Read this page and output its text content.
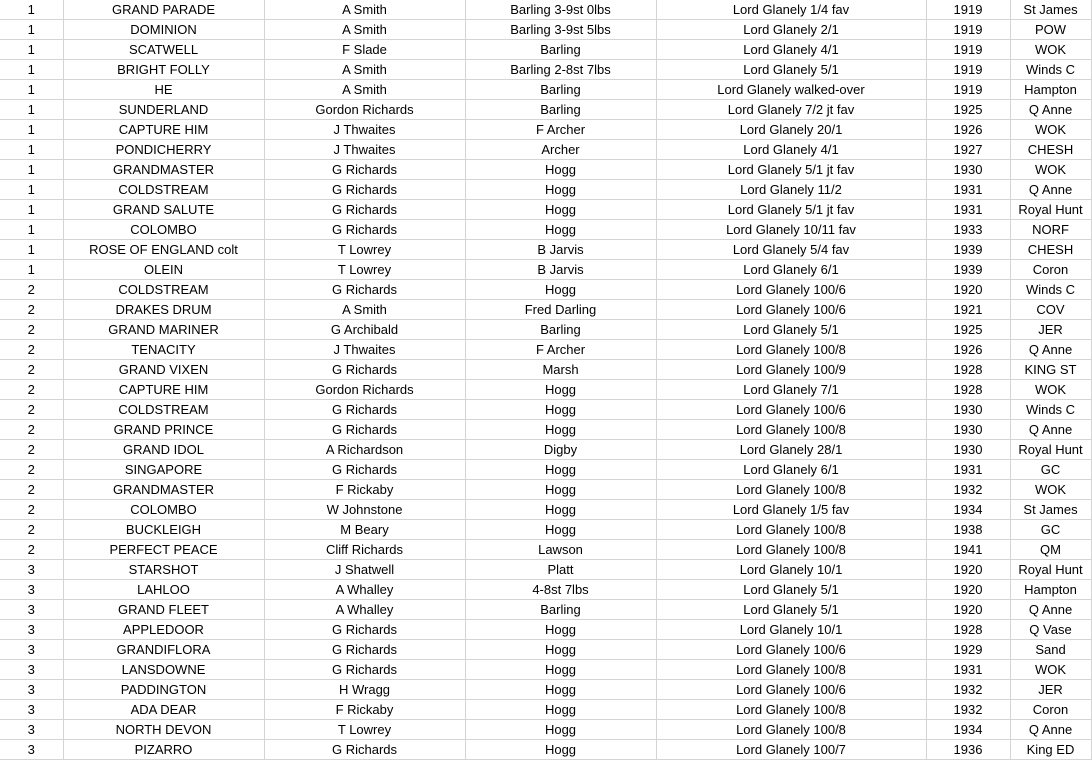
1	GRAND PARADE	A Smith	Barling 3-9st 0lbs	Lord Glanely 1/4 fav	1919	St James
1	DOMINION	A Smith	Barling 3-9st 5lbs	Lord Glanely 2/1	1919	POW
1	SCATWELL	F Slade	Barling	Lord Glanely 4/1	1919	WOK
1	BRIGHT FOLLY	A Smith	Barling 2-8st 7lbs	Lord Glanely 5/1	1919	Winds C
1	HE	A Smith	Barling	Lord Glanely walked-over	1919	Hampton
1	SUNDERLAND	Gordon Richards	Barling	Lord Glanely 7/2 jt fav	1925	Q Anne
1	CAPTURE HIM	J Thwaites	F Archer	Lord Glanely 20/1	1926	WOK
1	PONDICHERRY	J Thwaites	Archer	Lord Glanely 4/1	1927	CHESH
1	GRANDMASTER	G Richards	Hogg	Lord Glanely 5/1 jt fav	1930	WOK
1	COLDSTREAM	G Richards	Hogg	Lord Glanely 11/2	1931	Q Anne
1	GRAND SALUTE	G Richards	Hogg	Lord Glanely 5/1 jt fav	1931	Royal Hunt
1	COLOMBO	G Richards	Hogg	Lord Glanely 10/11 fav	1933	NORF
1	ROSE OF ENGLAND colt	T Lowrey	B Jarvis	Lord Glanely 5/4 fav	1939	CHESH
1	OLEIN	T Lowrey	B Jarvis	Lord Glanely 6/1	1939	Coron
2	COLDSTREAM	G Richards	Hogg	Lord Glanely 100/6	1920	Winds C
2	DRAKES DRUM	A Smith	Fred Darling	Lord Glanely 100/6	1921	COV
2	GRAND MARINER	G Archibald	Barling	Lord Glanely 5/1	1925	JER
2	TENACITY	J Thwaites	F Archer	Lord Glanely 100/8	1926	Q Anne
2	GRAND VIXEN	G Richards	Marsh	Lord Glanely 100/9	1928	KING ST
2	CAPTURE HIM	Gordon Richards	Hogg	Lord Glanely 7/1	1928	WOK
2	COLDSTREAM	G Richards	Hogg	Lord Glanely 100/6	1930	Winds C
2	GRAND PRINCE	G Richards	Hogg	Lord Glanely 100/8	1930	Q Anne
2	GRAND IDOL	A Richardson	Digby	Lord Glanely 28/1	1930	Royal Hunt
2	SINGAPORE	G Richards	Hogg	Lord Glanely 6/1	1931	GC
2	GRANDMASTER	F Rickaby	Hogg	Lord Glanely 100/8	1932	WOK
2	COLOMBO	W Johnstone	Hogg	Lord Glanely 1/5 fav	1934	St James
2	BUCKLEIGH	M Beary	Hogg	Lord Glanely 100/8	1938	GC
2	PERFECT PEACE	Cliff Richards	Lawson	Lord Glanely 100/8	1941	QM
3	STARSHOT	J Shatwell	Platt	Lord Glanely 10/1	1920	Royal Hunt
3	LAHLOO	A Whalley	4-8st 7lbs	Lord Glanely 5/1	1920	Hampton
3	GRAND FLEET	A Whalley	Barling	Lord Glanely 5/1	1920	Q Anne
3	APPLEDOOR	G Richards	Hogg	Lord Glanely 10/1	1928	Q Vase
3	GRANDIFLORA	G Richards	Hogg	Lord Glanely 100/6	1929	Sand
3	LANSDOWNE	G Richards	Hogg	Lord Glanely 100/8	1931	WOK
3	PADDINGTON	H Wragg	Hogg	Lord Glanely 100/6	1932	JER
3	ADA DEAR	F Rickaby	Hogg	Lord Glanely 100/8	1932	Coron
3	NORTH DEVON	T Lowrey	Hogg	Lord Glanely 100/8	1934	Q Anne
3	PIZARRO	G Richards	Hogg	Lord Glanely 100/7	1936	King ED
